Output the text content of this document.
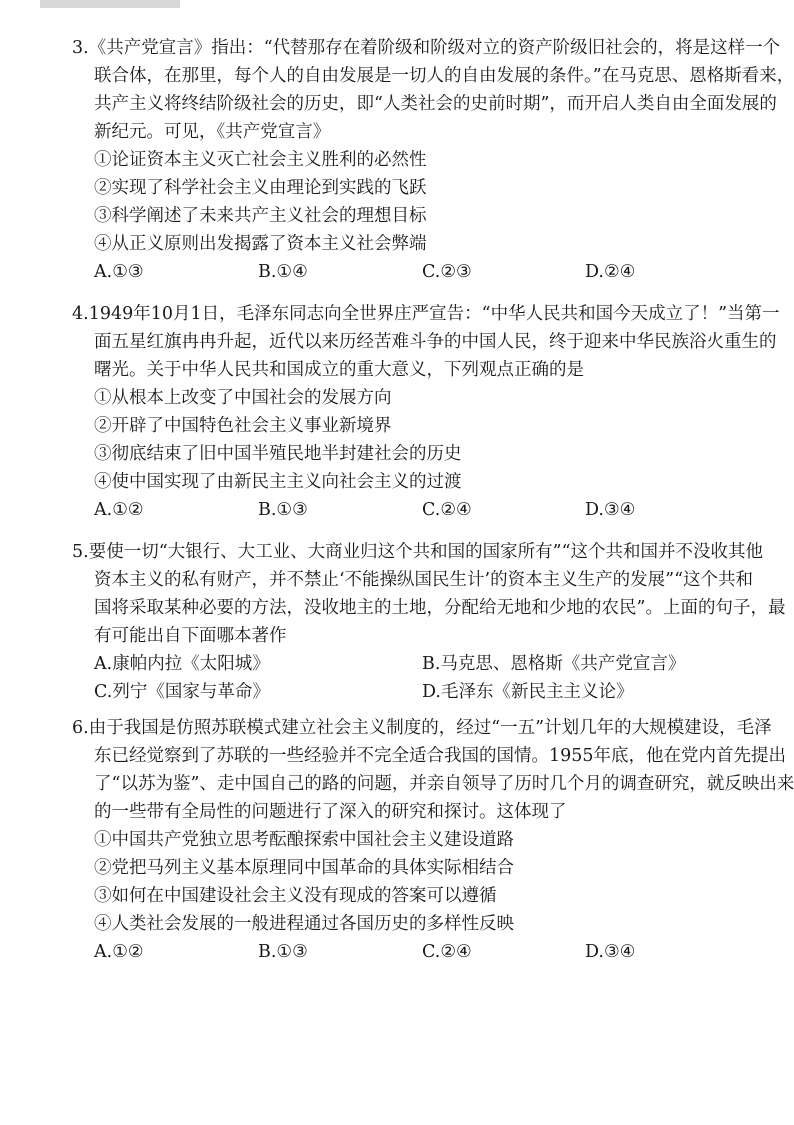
3.《共产党宣言》指出：“代替那存在着阶级和阶级对立的资产阶级旧社会的，将是这样一个
联合体，在那里，每个人的自由发展是一切人的自由发展的条件。”在马克思、恩格斯看来，
共产主义将终结阶级社会的历史，即“人类社会的史前时期”，而开启人类自由全面发展的
新纪元。可见，《共产党宣言》
①论证资本主义灭亡社会主义胜利的必然性
②实现了科学社会主义由理论到实践的飞跃
③科学阐述了未来共产主义社会的理想目标
④从正义原则出发揭露了资本主义社会弊端
A.①③	B.①④	C.②③	D.②④
4.1949年10月1日，毛泽东同志向全世界庄严宣告：“中华人民共和国今天成立了！”当第一
面五星红旗冉冉升起，近代以来历经苦难斗争的中国人民，终于迎来中华民族浴火重生的
曙光。关于中华人民共和国成立的重大意义，下列观点正确的是
①从根本上改变了中国社会的发展方向
②开辟了中国特色社会主义事业新境界
③彻底结束了旧中国半殖民地半封建社会的历史
④使中国实现了由新民主主义向社会主义的过渡
A.①②	B.①③	C.②④	D.③④
5.要使一切“大银行、大工业、大商业归这个共和国的国家所有”“这个共和国并不没收其他
资本主义的私有财产，并不禁止‘不能操纵国民生计’的资本主义生产的发展”“这个共和
国将采取某种必要的方法，没收地主的土地，分配给无地和少地的农民”。上面的句子，最
有可能出自下面哪本著作
A.康帕内拉《太阳城》	B.马克思、恩格斯《共产党宣言》
C.列宁《国家与革命》	D.毛泽东《新民主主义论》
6.由于我国是仿照苏联模式建立社会主义制度的，经过“一五”计划几年的大规模建设，毛泽
东已经觉察到了苏联的一些经验并不完全适合我国的国情。1955年底，他在党内首先提出
了“以苏为鉴”、走中国自己的路的问题，并亲自领导了历时几个月的调查研究，就反映出来
的一些带有全局性的问题进行了深入的研究和探讨。这体现了
①中国共产党独立思考酝酿探索中国社会主义建设道路
②党把马列主义基本原理同中国革命的具体实际相结合
③如何在中国建设社会主义没有现成的答案可以遵循
④人类社会发展的一般进程通过各国历史的多样性反映
A.①②	B.①③	C.②④	D.③④
